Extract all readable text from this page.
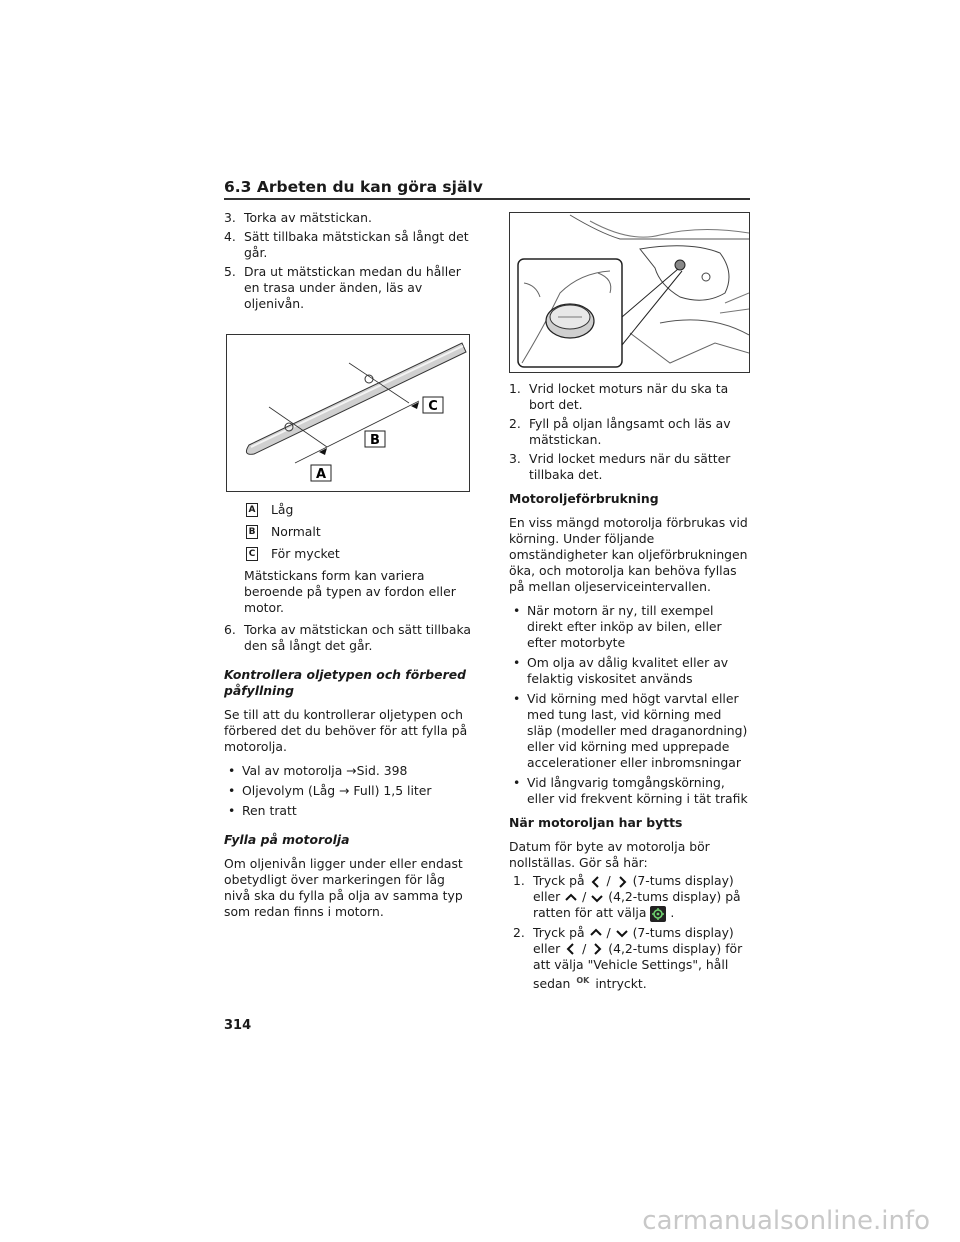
6.3 Arbeten du kan göra själv
3. Torka av mätstickan.
4. Sätt tillbaka mätstickan så långt det går.
5. Dra ut mätstickan medan du håller en trasa under änden, läs av oljenivån.
A
B
C
A Låg
B Normalt
C För mycket
Mätstickans form kan variera beroende på typen av fordon eller motor.
6. Torka av mätstickan och sätt tillbaka den så långt det går.
Kontrollera oljetypen och förbered påfyllning
Se till att du kontrollerar oljetypen och förbered det du behöver för att fylla på motorolja.
• Val av motorolja →Sid. 398
• Oljevolym (Låg → Full) 1,5 liter
• Ren tratt
Fylla på motorolja
Om oljenivån ligger under eller endast obetydligt över markeringen för låg nivå ska du fylla på olja av samma typ som redan finns i motorn.
1. Vrid locket moturs när du ska ta bort det.
2. Fyll på oljan långsamt och läs av mätstickan.
3. Vrid locket medurs när du sätter tillbaka det.
Motoroljeförbrukning
En viss mängd motorolja förbrukas vid körning. Under följande omständigheter kan oljeförbrukningen öka, och motorolja kan behöva fyllas på mellan oljeserviceintervallen.
• När motorn är ny, till exempel direkt efter inköp av bilen, eller efter motorbyte
• Om olja av dålig kvalitet eller av felaktig viskositet används
• Vid körning med högt varvtal eller med tung last, vid körning med släp (modeller med draganordning) eller vid körning med upprepade accelerationer eller inbromsningar
• Vid långvarig tomgångskörning, eller vid frekvent körning i tät trafik
När motoroljan har bytts
Datum för byte av motorolja bör nollställas. Gör så här:
1. Tryck på / (7-tums display) eller / (4,2-tums display) på ratten för att välja .
2. Tryck på / (7-tums display) eller / (4,2-tums display) för att välja "Vehicle Settings", håll sedan $^{OK}$ intryckt.
314
carmanualsonline.info
